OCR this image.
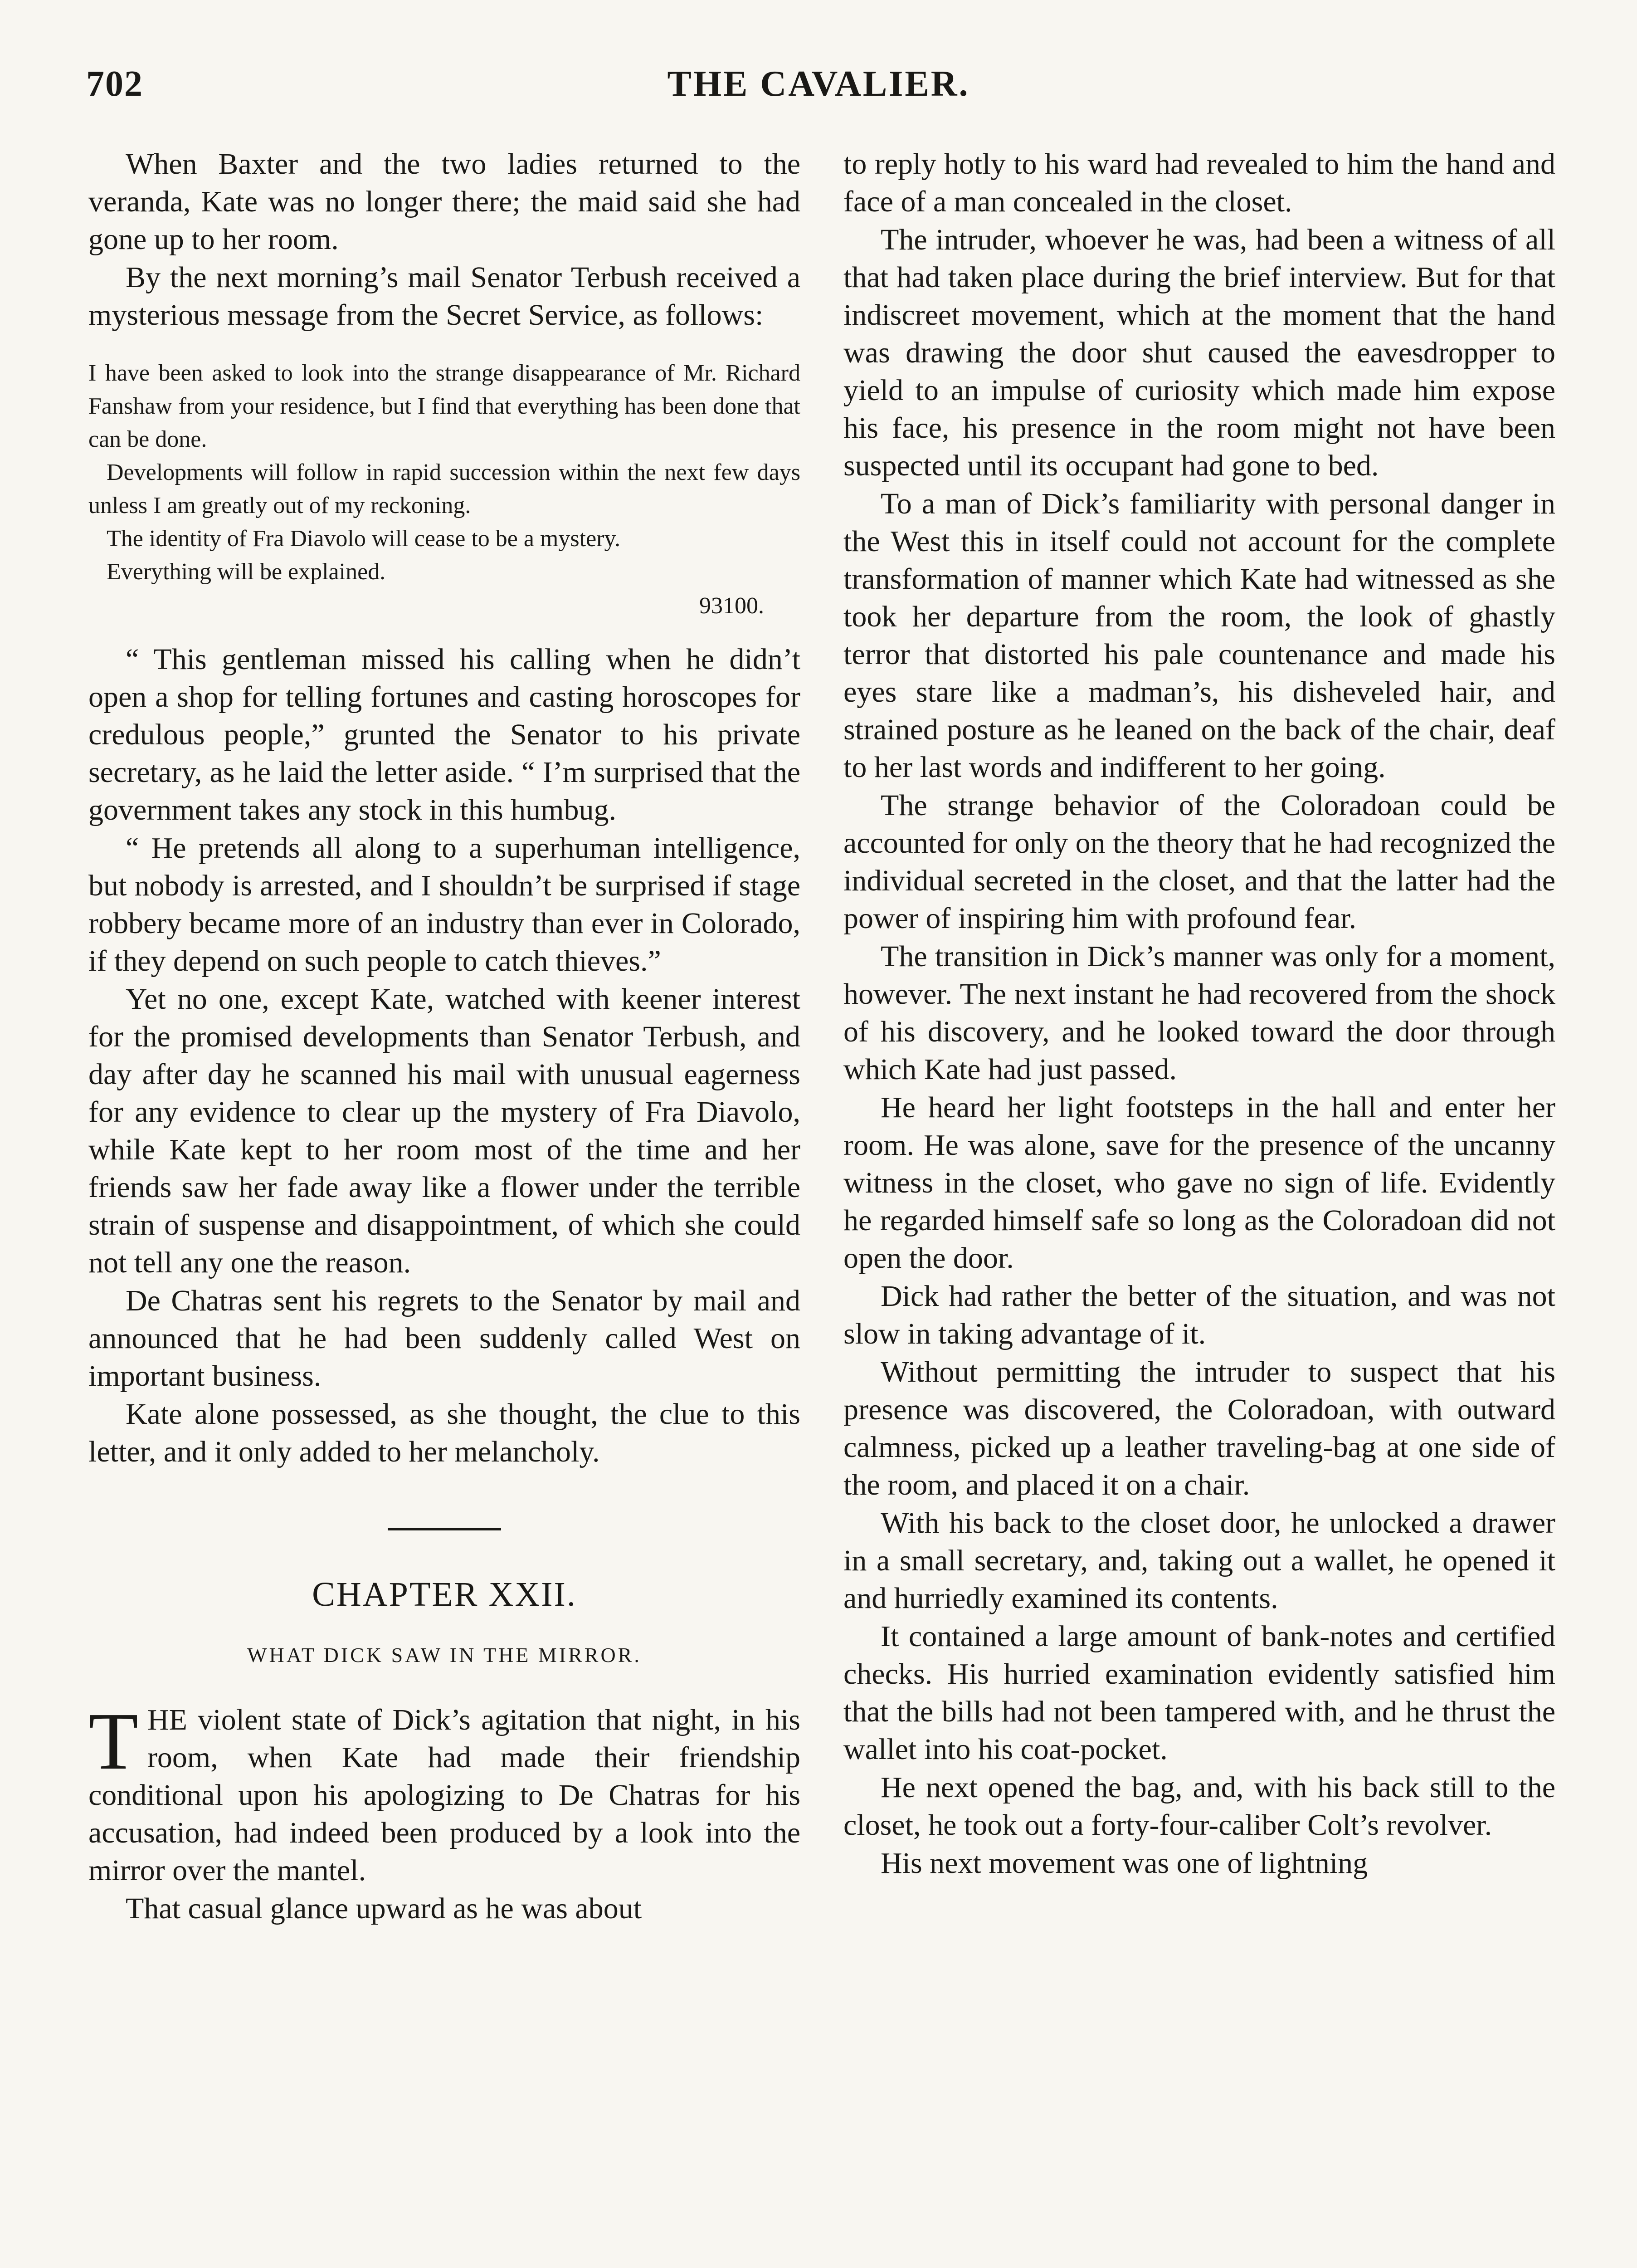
THE CAVALIER.
702

When Baxter and the two ladies returned to the veranda, Kate was no longer there; the maid said she had gone up to her room.

By the next morning’s mail Senator Terbush received a mysterious message from the Secret Service, as follows:

I have been asked to look into the strange disappearance of Mr. Richard Fanshaw from your residence, but I find that everything has been done that can be done.

Developments will follow in rapid succession within the next few days unless I am greatly out of my reckoning.

The identity of Fra Diavolo will cease to be a mystery.

Everything will be explained.

93100.

“ This gentleman missed his calling when he didn’t open a shop for telling fortunes and casting horoscopes for credulous people,” grunted the Senator to his private secretary, as he laid the letter aside. “ I’m surprised that the government takes any stock in this humbug.

“ He pretends all along to a superhuman intelligence, but nobody is arrested, and I shouldn’t be surprised if stage robbery became more of an industry than ever in Colorado, if they depend on such people to catch thieves.”

Yet no one, except Kate, watched with keener interest for the promised developments than Senator Terbush, and day after day he scanned his mail with unusual eagerness for any evidence to clear up the mystery of Fra Diavolo, while Kate kept to her room most of the time and her friends saw her fade away like a flower under the terrible strain of suspense and disappointment, of which she could not tell any one the reason.

De Chatras sent his regrets to the Senator by mail and announced that he had been suddenly called West on important business.

Kate alone possessed, as she thought, the clue to this letter, and it only added to her melancholy.

CHAPTER XXII.
WHAT DICK SAW IN THE MIRROR.

T HE violent state of Dick’s agitation that night, in his room, when Kate had made their friendship conditional upon his apologizing to De Chatras for his accusation, had indeed been produced by a look into the mirror over the mantel.

That casual glance upward as he was about

to reply hotly to his ward had revealed to him the hand and face of a man concealed in the closet.

The intruder, whoever he was, had been a witness of all that had taken place during the brief interview. But for that indiscreet movement, which at the moment that the hand was drawing the door shut caused the eavesdropper to yield to an impulse of curiosity which made him expose his face, his presence in the room might not have been suspected until its occupant had gone to bed.

To a man of Dick’s familiarity with personal danger in the West this in itself could not account for the complete transformation of manner which Kate had witnessed as she took her departure from the room, the look of ghastly terror that distorted his pale countenance and made his eyes stare like a madman’s, his disheveled hair, and strained posture as he leaned on the back of the chair, deaf to her last words and indifferent to her going.

The strange behavior of the Coloradoan could be accounted for only on the theory that he had recognized the individual secreted in the closet, and that the latter had the power of inspiring him with profound fear.

The transition in Dick’s manner was only for a moment, however. The next instant he had recovered from the shock of his discovery, and he looked toward the door through which Kate had just passed.

He heard her light footsteps in the hall and enter her room. He was alone, save for the presence of the uncanny witness in the closet, who gave no sign of life. Evidently he regarded himself safe so long as the Coloradoan did not open the door.

Dick had rather the better of the situation, and was not slow in taking advantage of it.

Without permitting the intruder to suspect that his presence was discovered, the Coloradoan, with outward calmness, picked up a leather traveling-bag at one side of the room, and placed it on a chair.

With his back to the closet door, he unlocked a drawer in a small secretary, and, taking out a wallet, he opened it and hurriedly examined its contents.

It contained a large amount of bank-notes and certified checks. His hurried examination evidently satisfied him that the bills had not been tampered with, and he thrust the wallet into his coat-pocket.

He next opened the bag, and, with his back still to the closet, he took out a forty-four-caliber Colt’s revolver.

His next movement was one of lightning
